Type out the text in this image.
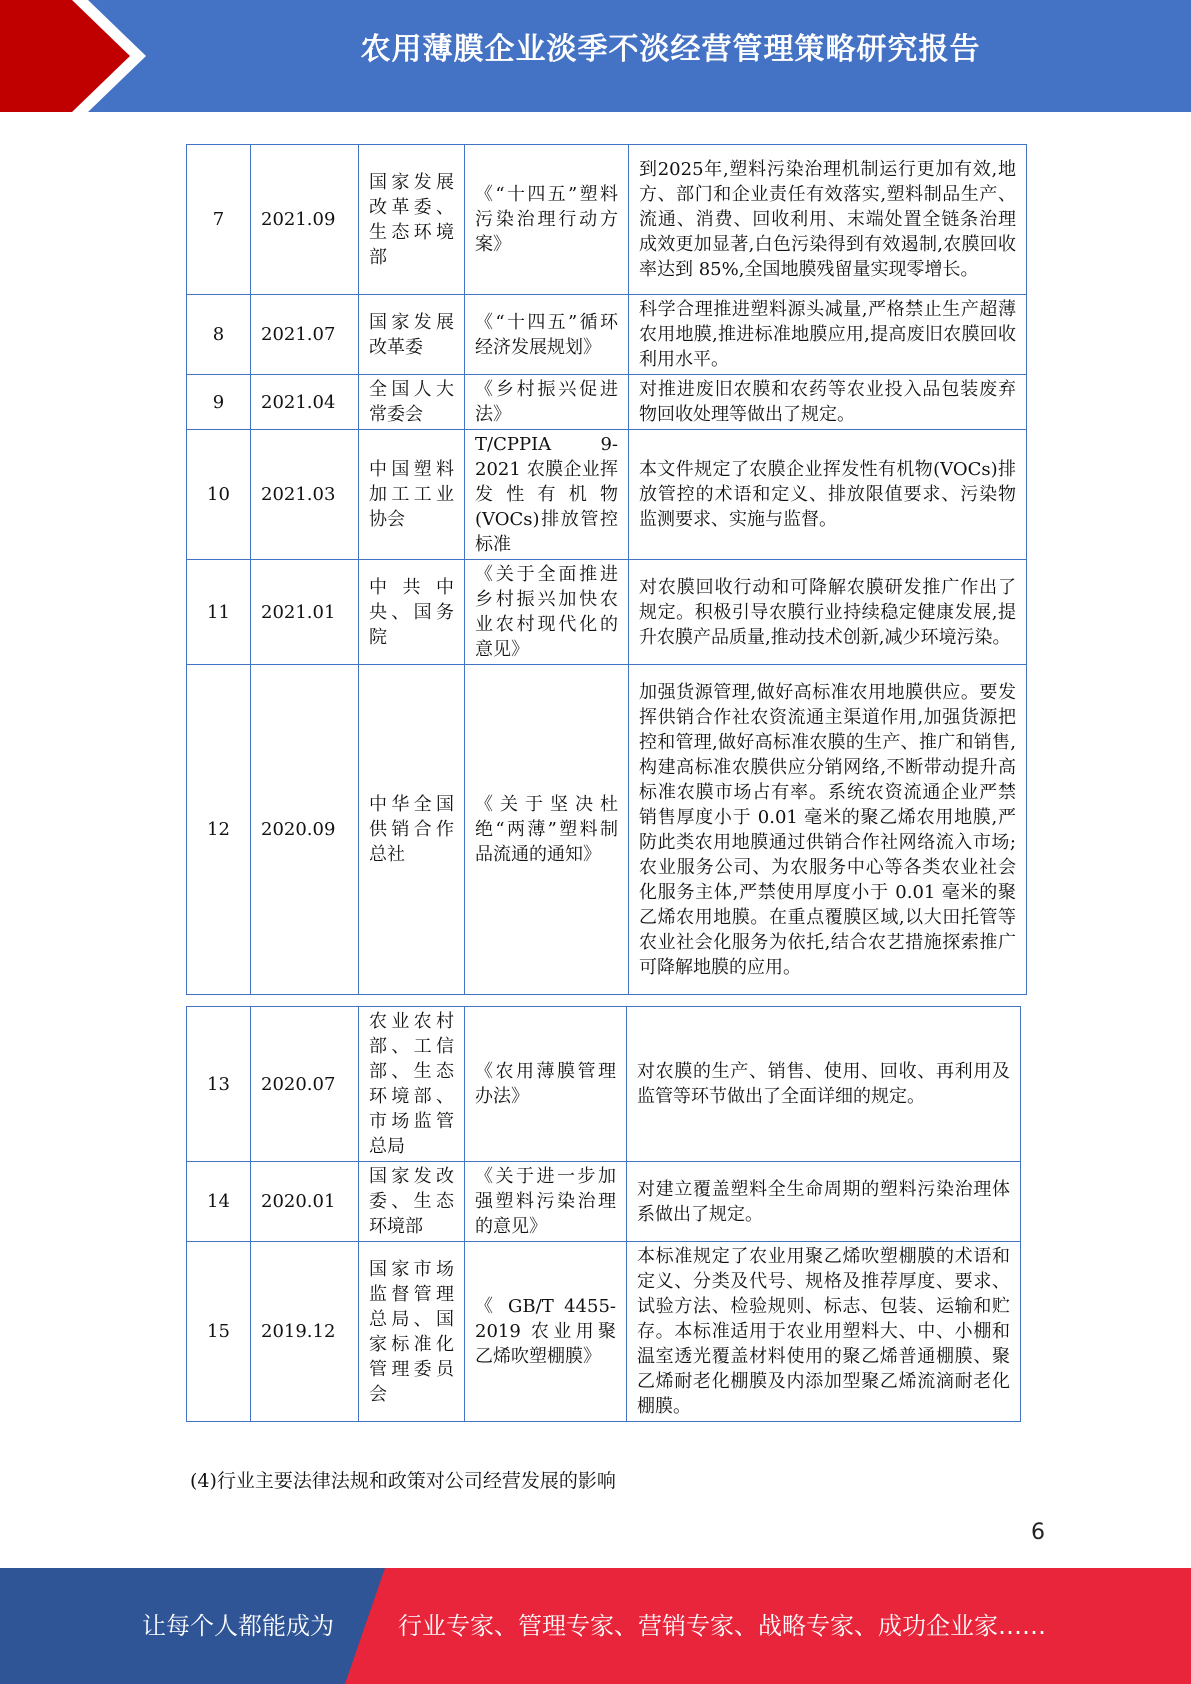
农用薄膜企业淡季不淡经营管理策略研究报告
7	2021.09	国家发展改革委、生态环境部	《“十四五”塑料污染治理行动方案》	到2025年,塑料污染治理机制运行更加有效,地方、部门和企业责任有效落实,塑料制品生产、流通、消费、回收利用、末端处置全链条治理成效更加显著,白色污染得到有效遏制,农膜回收率达到 85%,全国地膜残留量实现零增长。
8	2021.07	国家发展改革委	《“十四五”循环经济发展规划》	科学合理推进塑料源头减量,严格禁止生产超薄农用地膜,推进标准地膜应用,提高废旧农膜回收利用水平。
9	2021.04	全国人大常委会	《乡村振兴促进法》	对推进废旧农膜和农药等农业投入品包装废弃物回收处理等做出了规定。
10	2021.03	中国塑料加工工业协会	T/CPPIA 9-2021 农膜企业挥发性有机物(VOCs)排放管控标准	本文件规定了农膜企业挥发性有机物(VOCs)排放管控的术语和定义、排放限值要求、污染物监测要求、实施与监督。
11	2021.01	中共中央、国务院	《关于全面推进乡村振兴加快农业农村现代化的意见》	对农膜回收行动和可降解农膜研发推广作出了规定。积极引导农膜行业持续稳定健康发展,提升农膜产品质量,推动技术创新,减少环境污染。
12	2020.09	中华全国供销合作总社	《关于坚决杜绝“两薄”塑料制品流通的通知》	加强货源管理,做好高标准农用地膜供应。要发挥供销合作社农资流通主渠道作用,加强货源把控和管理,做好高标准农膜的生产、推广和销售,构建高标准农膜供应分销网络,不断带动提升高标准农膜市场占有率。系统农资流通企业严禁销售厚度小于 0.01 毫米的聚乙烯农用地膜,严防此类农用地膜通过供销合作社网络流入市场;农业服务公司、为农服务中心等各类农业社会化服务主体,严禁使用厚度小于 0.01 毫米的聚乙烯农用地膜。在重点覆膜区域,以大田托管等农业社会化服务为依托,结合农艺措施探索推广可降解地膜的应用。
13	2020.07	农业农村部、工信部、生态环境部、市场监管总局	《农用薄膜管理办法》	对农膜的生产、销售、使用、回收、再利用及监管等环节做出了全面详细的规定。
14	2020.01	国家发改委、生态环境部	《关于进一步加强塑料污染治理的意见》	对建立覆盖塑料全生命周期的塑料污染治理体系做出了规定。
15	2019.12	国家市场监督管理总局、国家标准化管理委员会	《 GB/T 4455-2019 农业用聚乙烯吹塑棚膜》	本标准规定了农业用聚乙烯吹塑棚膜的术语和定义、分类及代号、规格及推荐厚度、要求、试验方法、检验规则、标志、包装、运输和贮存。本标准适用于农业用塑料大、中、小棚和温室透光覆盖材料使用的聚乙烯普通棚膜、聚乙烯耐老化棚膜及内添加型聚乙烯流滴耐老化棚膜。
(4)行业主要法律法规和政策对公司经营发展的影响
6
让每个人都能成为	行业专家、管理专家、营销专家、战略专家、成功企业家……
